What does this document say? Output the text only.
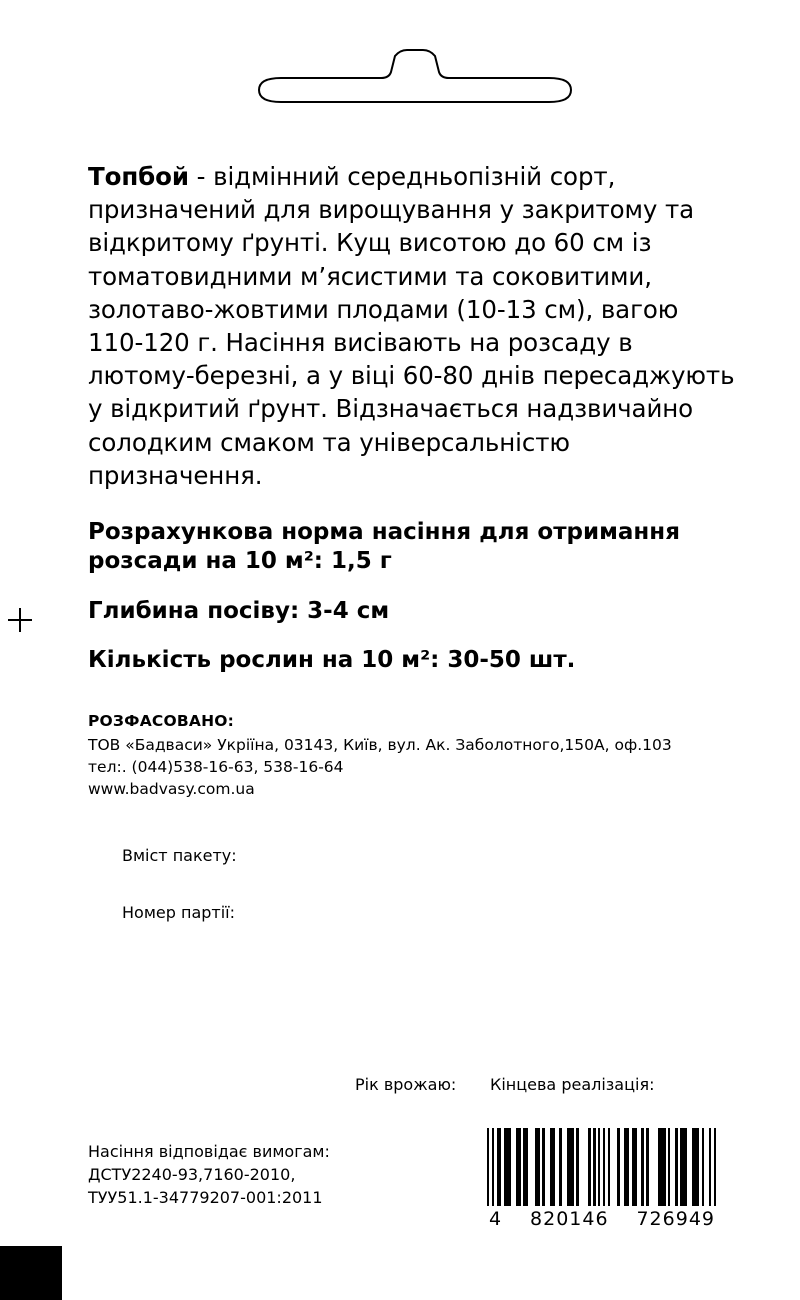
Топбой - відмінний середньопізній сорт, призначений для вирощування у закритому та відкритому ґрунті. Кущ висотою до 60 см із томатовидними м’ясистими та соковитими, золотаво-жовтими плодами (10-13 см), вагою 110-120 г. Насіння висівають на розсаду в лютому-березні, а у віці 60-80 днів пересаджують у відкритий ґрунт. Відзначається надзвичайно солодким смаком та універсальністю призначення.

Розрахункова норма насіння для отримання розсади на 10 м²: 1,5 г

Глибина посіву: 3-4 см

Кількість рослин на 10 м²: 30-50 шт.

РОЗФАСОВАНО:
ТОВ «Бадваси» Укріїна, 03143, Київ, вул. Ак. Заболотного,150А, оф.103
тел:. (044)538-16-63, 538-16-64
www.badvasy.com.ua
Вміст пакету:
Номер партії:
Рік врожаю: Кінцева реалізація:
Насіння відповідає вимогам:
ДСТУ2240-93,7160-2010,
ТУУ51.1-34779207-001:2011
4 820146 726949
